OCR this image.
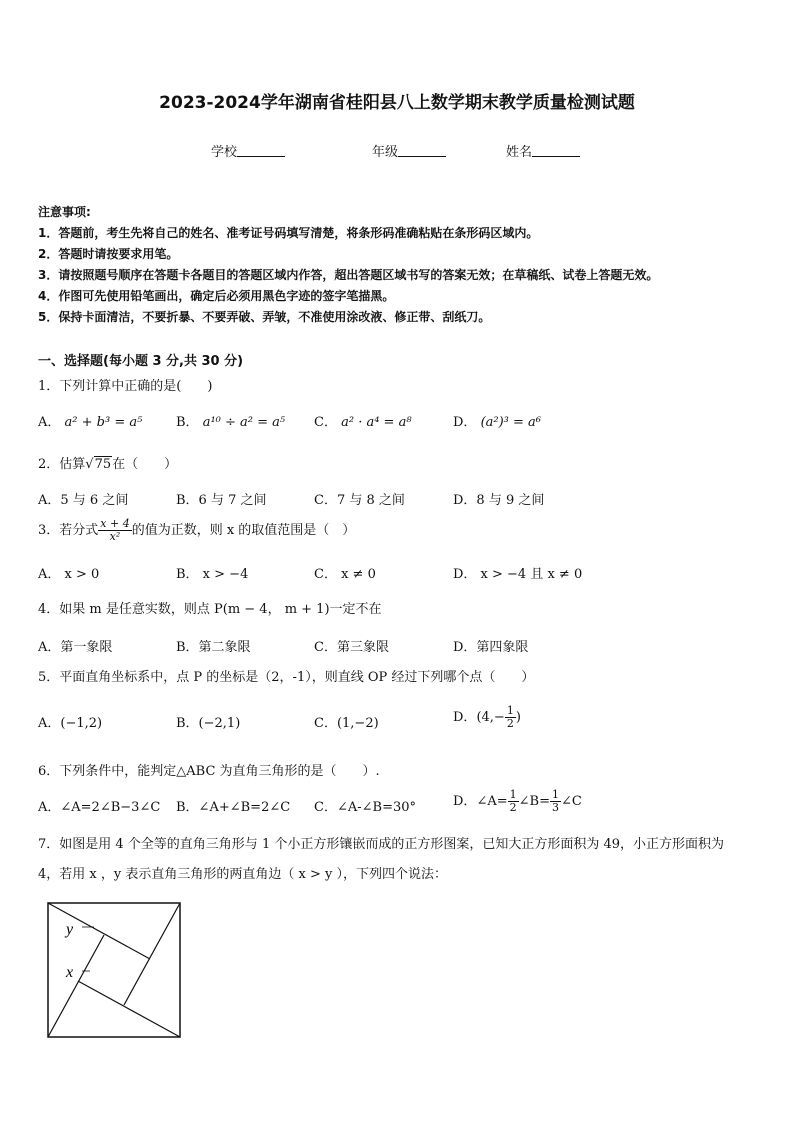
2023-2024学年湖南省桂阳县八上数学期末教学质量检测试题
学校	年级	姓名
注意事项:
1．答题前，考生先将自己的姓名、准考证号码填写清楚，将条形码准确粘贴在条形码区域内。
2．答题时请按要求用笔。
3．请按照题号顺序在答题卡各题目的答题区域内作答，超出答题区域书写的答案无效；在草稿纸、试卷上答题无效。
4．作图可先使用铅笔画出，确定后必须用黑色字迹的签字笔描黑。
5．保持卡面清洁，不要折暴、不要弄破、弄皱，不准使用涂改液、修正带、刮纸刀。
一、选择题(每小题 3 分,共 30 分)
1．下列计算中正确的是(　　)
A． a² + b³ = a⁵	B． a¹⁰ ÷ a² = a⁵ C． a² · a⁴ = a⁸	D． (a²)³ = a⁶
2．估算√75在（　　）
A．5 与 6 之间	B．6 与 7 之间	C．7 与 8 之间	D．8 与 9 之间
3．若分式 $\frac{x + 4}{\text{x²}}$ 的值为正数，则 x 的取值范围是（　）
A． x > 0	B． x > −4	C． x ≠ 0	D． x > −4 且 x ≠ 0
4．如果 m 是任意实数，则点 P(m − 4， m + 1)一定不在
A．第一象限	B．第二象限	C．第三象限	D．第四象限
5．平面直角坐标系中，点 P 的坐标是（2，-1），则直线 OP 经过下列哪个点（　　）
A．(−1,2)	B．(−2,1)	C．(1,−2)	D．($4,- \frac{1}{2}$ )
6．下列条件中，能判定△ABC 为直角三角形的是（　　）.
A．∠A=2∠B−3∠C B．∠A+∠B=2∠C C．∠A-∠B=30°	D．∠A= $\frac{1}{2}$ ∠B= $\frac{1}{3}$ ∠C
7．如图是用 4 个全等的直角三角形与 1 个小正方形镶嵌而成的正方形图案，已知大正方形面积为 49，小正方形面积为
4，若用 x ，y 表示直角三角形的两直角边（ x > y ），下列四个说法：
y
x
